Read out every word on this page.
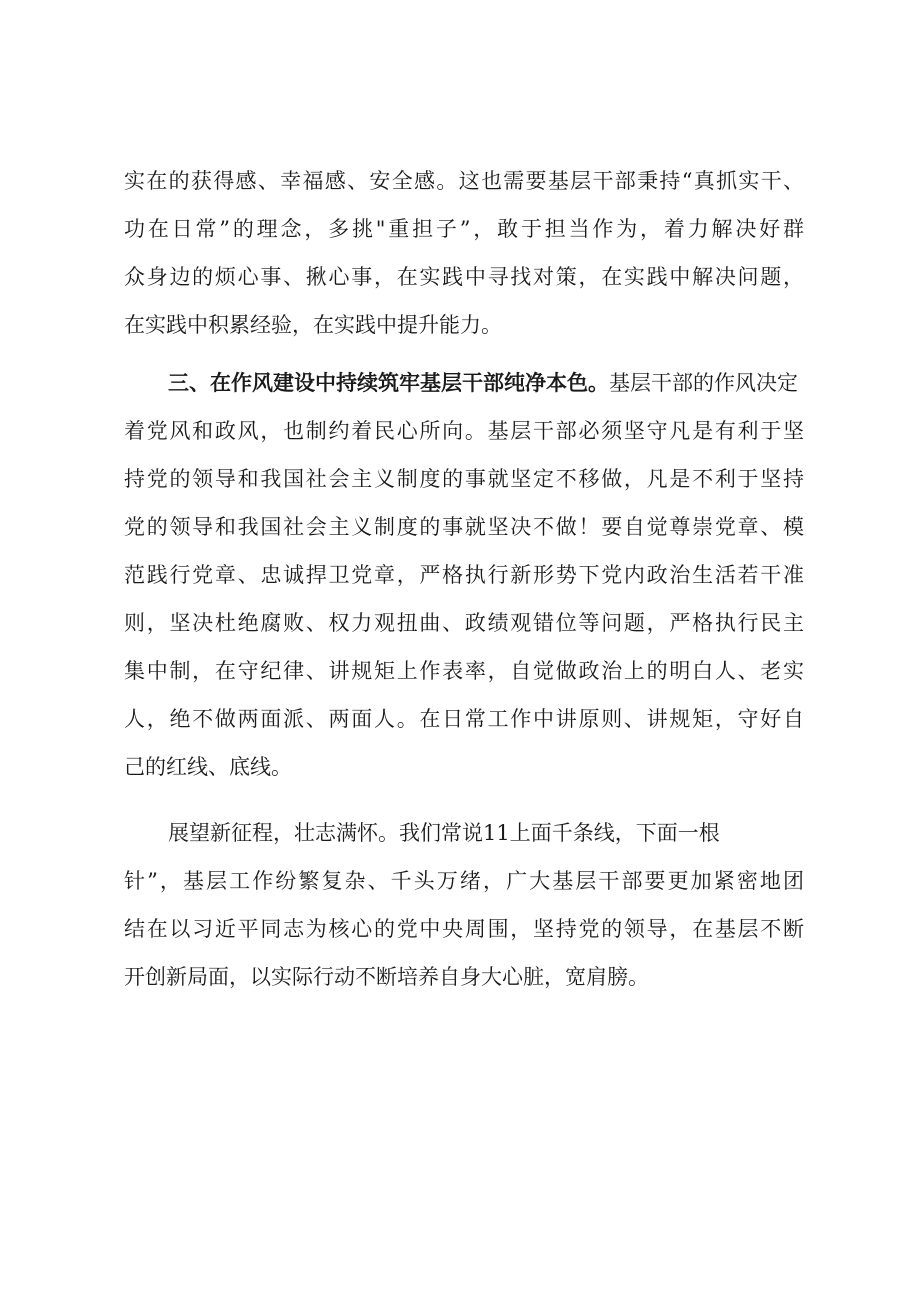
实在的获得感、幸福感、安全感。这也需要基层干部秉持“真抓实干、
功在日常”的理念，多挑"重担子”，敢于担当作为，着力解决好群
众身边的烦心事、揪心事，在实践中寻找对策，在实践中解决问题，
在实践中积累经验，在实践中提升能力。
三、在作风建设中持续筑牢基层干部纯净本色。基层干部的作风决定
着党风和政风，也制约着民心所向。基层干部必须坚守凡是有利于坚
持党的领导和我国社会主义制度的事就坚定不移做，凡是不利于坚持
党的领导和我国社会主义制度的事就坚决不做！要自觉尊崇党章、模
范践行党章、忠诚捍卫党章，严格执行新形势下党内政治生活若干准
则，坚决杜绝腐败、权力观扭曲、政绩观错位等问题，严格执行民主
集中制，在守纪律、讲规矩上作表率，自觉做政治上的明白人、老实
人，绝不做两面派、两面人。在日常工作中讲原则、讲规矩，守好自
己的红线、底线。
展望新征程，壮志满怀。我们常说11上面千条线，下面一根
针”，基层工作纷繁复杂、千头万绪，广大基层干部要更加紧密地团
结在以习近平同志为核心的党中央周围，坚持党的领导，在基层不断
开创新局面，以实际行动不断培养自身大心脏，宽肩膀。
